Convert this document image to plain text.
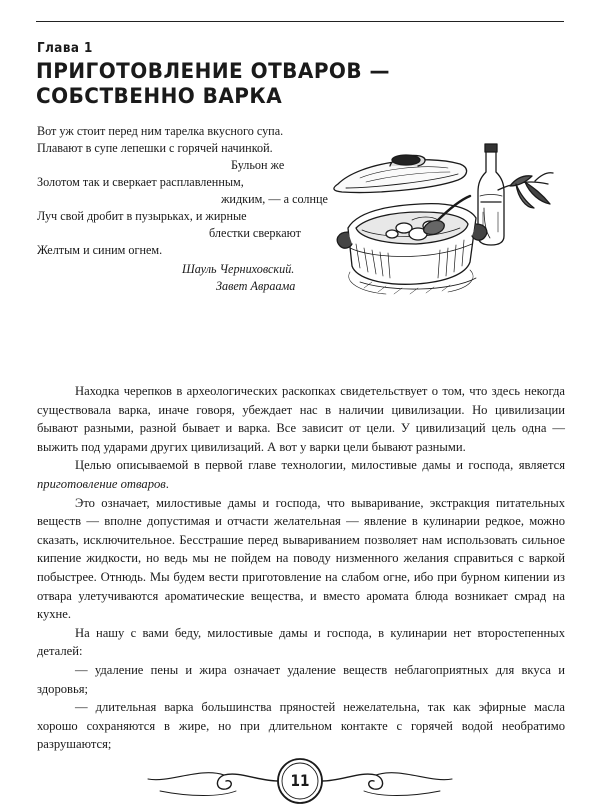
Глава 1
ПРИГОТОВЛЕНИЕ ОТВАРОВ —
СОБСТВЕННО ВАРКА
Вот уж стоит перед ним тарелка вкусного супа.
Плавают в супе лепешки с горячей начинкой.
Бульон же
Золотом так и сверкает расплавленным,
жидким, — а солнце
Луч свой дробит в пузырьках, и жирные
блестки сверкают
Желтым и синим огнем.
Шауль Черниховский.
Завет Авраама

Находка черепков в археологических раскопках свидетельствует о том, что здесь некогда существовала варка, иначе говоря, убеждает нас в наличии цивилизации. Но цивилизации бывают разными, разной бывает и варка. Все зависит от цели. У цивилизаций цель одна — выжить под ударами других цивилизаций. А вот у варки цели бывают разными.

Целью описываемой в первой главе технологии, милостивые дамы и господа, является приготовление отваров.

Это означает, милостивые дамы и господа, что вываривание, экстракция питательных веществ — вполне допустимая и отчасти желательная — явление в кулинарии редкое, можно сказать, исключительное. Бесстрашие перед вывариванием позволяет нам использовать сильное кипение жидкости, но ведь мы не пойдем на поводу низменного желания справиться с варкой побыстрее. Отнюдь. Мы будем вести приготовление на слабом огне, ибо при бурном кипении из отвара улетучиваются ароматические вещества, и вместо аромата блюда возникает смрад на кухне.

На нашу с вами беду, милостивые дамы и господа, в кулинарии нет второстепенных деталей:

— удаление пены и жира означает удаление веществ неблагоприятных для вкуса и здоровья;

— длительная варка большинства пряностей нежелательна, так как эфирные масла хорошо сохраняются в жире, но при длительном контакте с горячей водой необратимо разрушаются;

11
